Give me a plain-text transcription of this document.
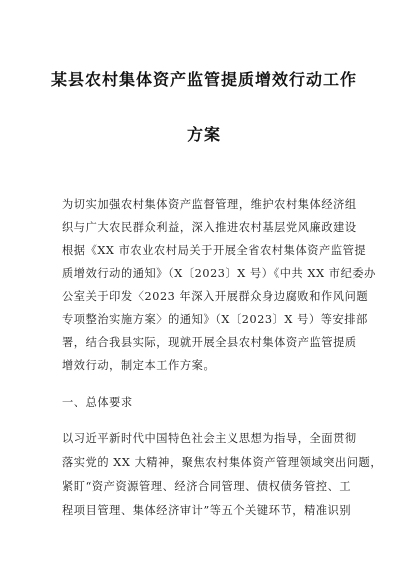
某县农村集体资产监管提质增效行动工作
方案
为切实加强农村集体资产监督管理，维护农村集体经济组
织与广大农民群众利益，深入推进农村基层党风廉政建设
根据《XX 市农业农村局关于开展全省农村集体资产监管提
质增效行动的通知》（X〔2023〕X 号）《中共 XX 市纪委办
公室关于印发〈2023 年深入开展群众身边腐败和作风问题
专项整治实施方案〉的通知》（X〔2023〕X 号）等安排部
署，结合我县实际，现就开展全县农村集体资产监管提质
增效行动，制定本工作方案。
一、总体要求
以习近平新时代中国特色社会主义思想为指导，全面贯彻
落实党的 XX 大精神，聚焦农村集体资产管理领域突出问题，
紧盯“资产资源管理、经济合同管理、债权债务管控、工
程项目管理、集体经济审计”等五个关键环节，精准识别
